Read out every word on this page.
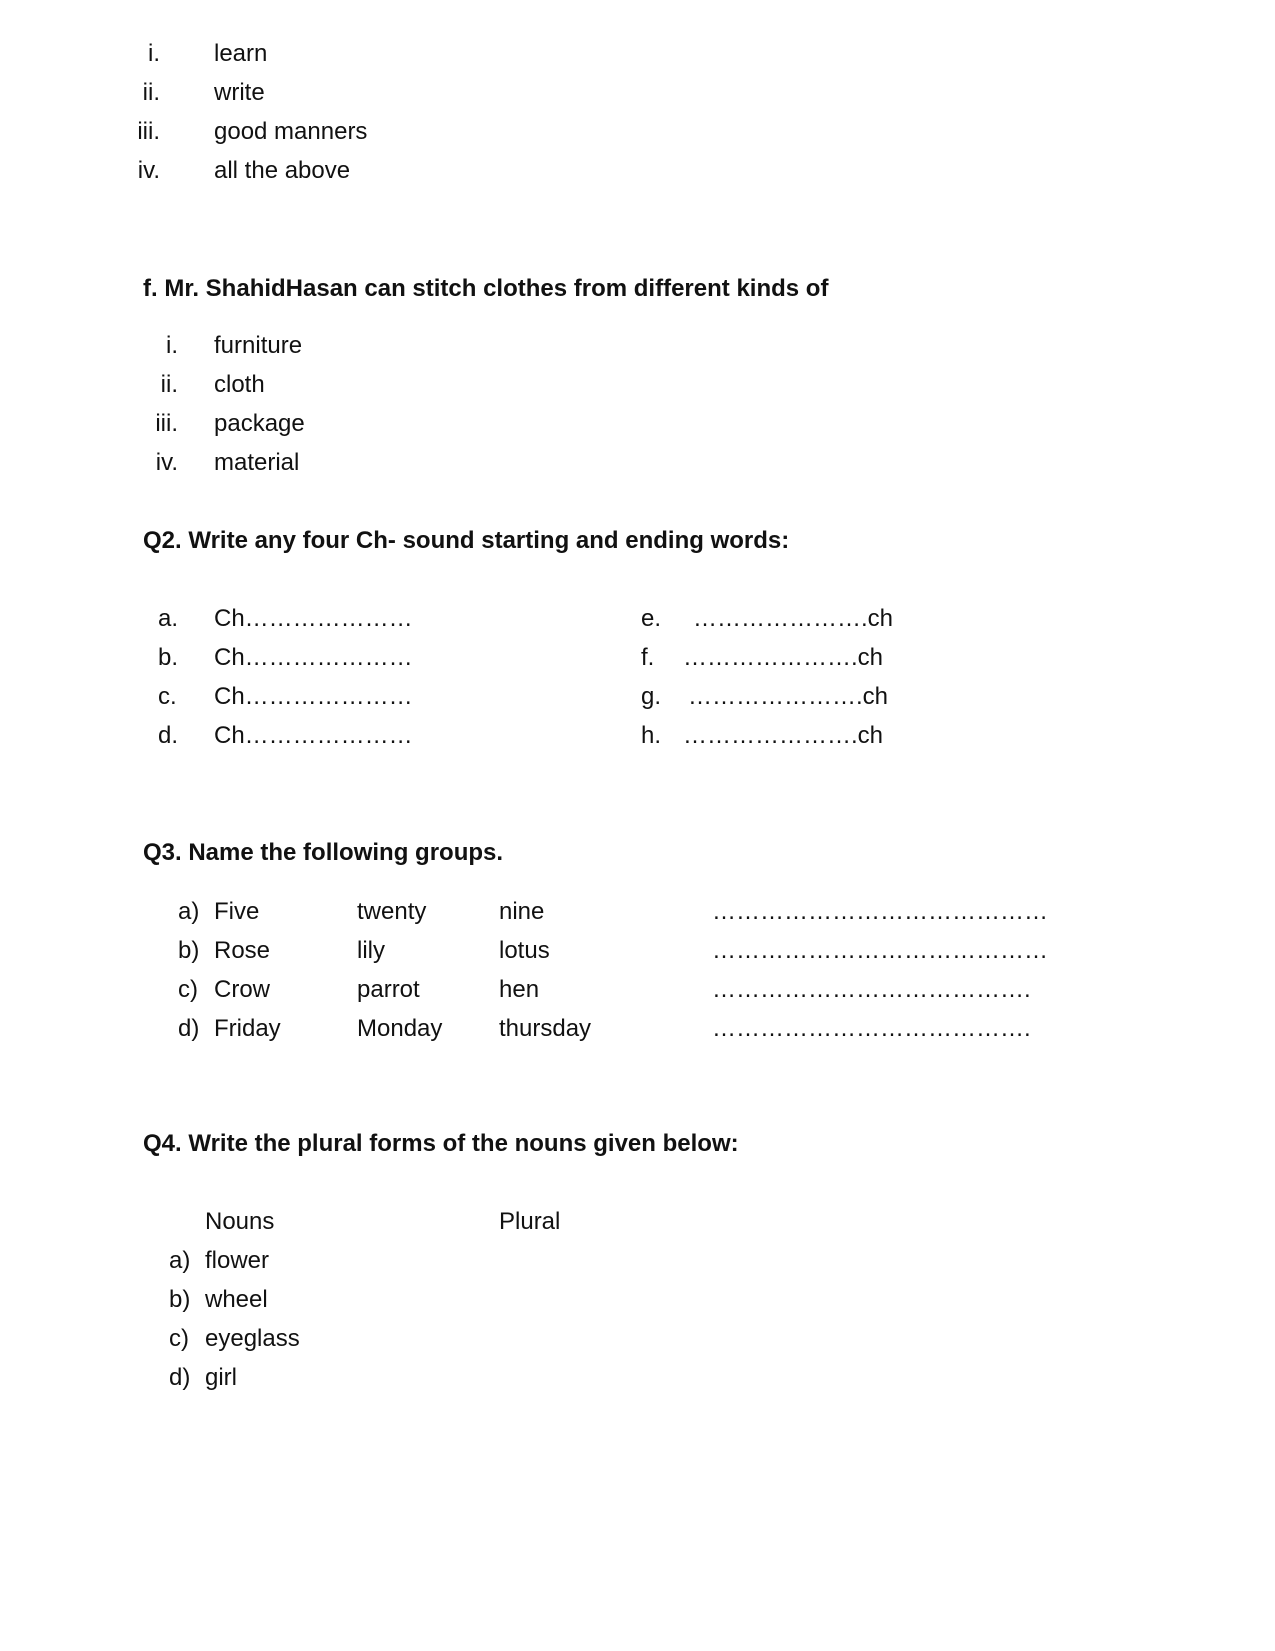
i. learn
ii. write
iii. good manners
iv. all the above
f. Mr. ShahidHasan can stitch clothes from different kinds of
i. furniture
ii. cloth
iii. package
iv. material
Q2. Write any four Ch- sound starting and ending words:
a. Ch…………………
b. Ch…………………
c. Ch…………………
d. Ch…………………
e. ………………….ch
f. ………………….ch
g. ………………….ch
h. ………………….ch
Q3. Name the following groups.
a) Five	twenty	nine	……………………………………
b) Rose	lily	lotus	……………………………………
c) Crow	parrot	hen	………………………………….
d) Friday	Monday thursday	………………………………….
Q4. Write the plural forms of the nouns given below:
Nouns	Plural
a) flower
b) wheel
c) eyeglass
d) girl
